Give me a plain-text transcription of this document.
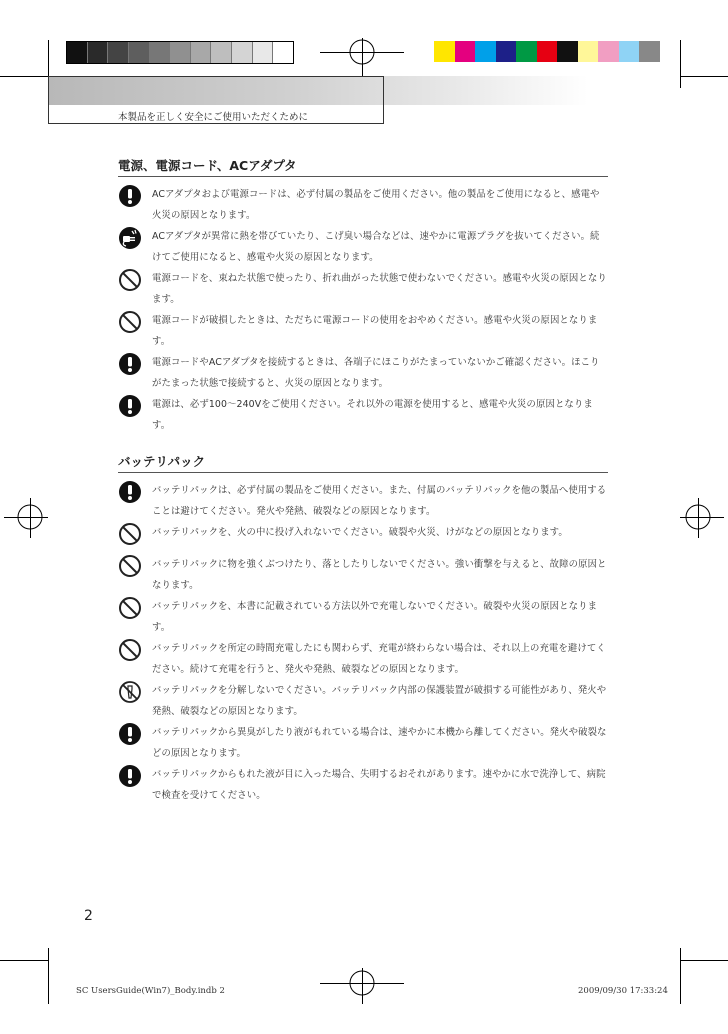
本製品を正しく安全にご使用いただくために
電源、電源コード、ACアダプタ
ACアダプタおよび電源コードは、必ず付属の製品をご使用ください。他の製品をご使用になると、感電や火災の原因となります。
ACアダプタが異常に熱を帯びていたり、こげ臭い場合などは、速やかに電源プラグを抜いてください。続けてご使用になると、感電や火災の原因となります。
電源コードを、束ねた状態で使ったり、折れ曲がった状態で使わないでください。感電や火災の原因となります。
電源コードが破損したときは、ただちに電源コードの使用をおやめください。感電や火災の原因となります。
電源コードやACアダプタを接続するときは、各端子にほこりがたまっていないかご確認ください。ほこりがたまった状態で接続すると、火災の原因となります。
電源は、必ず100〜240Vをご使用ください。それ以外の電源を使用すると、感電や火災の原因となります。
バッテリパック
バッテリパックは、必ず付属の製品をご使用ください。また、付属のバッテリパックを他の製品へ使用することは避けてください。発火や発熱、破裂などの原因となります。
バッテリパックを、火の中に投げ入れないでください。破裂や火災、けがなどの原因となります。
バッテリパックに物を強くぶつけたり、落としたりしないでください。強い衝撃を与えると、故障の原因となります。
バッテリパックを、本書に記載されている方法以外で充電しないでください。破裂や火災の原因となります。
バッテリパックを所定の時間充電したにも関わらず、充電が終わらない場合は、それ以上の充電を避けてください。続けて充電を行うと、発火や発熱、破裂などの原因となります。
バッテリパックを分解しないでください。バッテリパック内部の保護装置が破損する可能性があり、発火や発熱、破裂などの原因となります。
バッテリパックから異臭がしたり液がもれている場合は、速やかに本機から離してください。発火や破裂などの原因となります。
バッテリパックからもれた液が目に入った場合、失明するおそれがあります。速やかに水で洗浄して、病院で検査を受けてください。
2
SC UsersGuide(Win7)_Body.indb 2	2009/09/30 17:33:24
